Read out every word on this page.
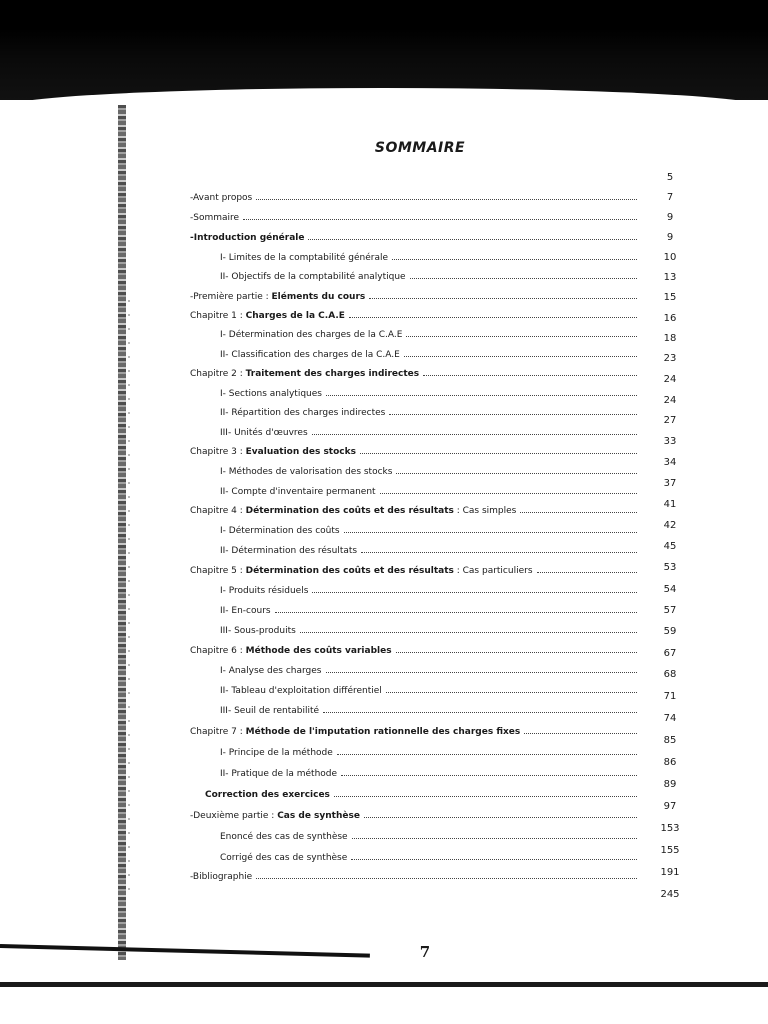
SOMMAIRE
-Avant propos
-Sommaire
-Introduction générale
I- Limites de la comptabilité générale
II- Objectifs de la comptabilité analytique
-Première partie : Eléments du cours
Chapitre 1 : Charges de la C.A.E
I- Détermination des charges de la C.A.E
II- Classification des charges de la C.A.E
Chapitre 2 : Traitement des charges indirectes
I- Sections analytiques
II- Répartition des charges indirectes
III- Unités d'œuvres
Chapitre 3 : Evaluation des stocks
I- Méthodes de valorisation des stocks
II- Compte d'inventaire permanent
Chapitre 4 : Détermination des coûts et des résultats : Cas simples
I- Détermination des coûts
II- Détermination des résultats
Chapitre 5 : Détermination des coûts et des résultats : Cas particuliers
I- Produits résiduels
II- En-cours
III- Sous-produits
Chapitre 6 : Méthode des coûts variables
I- Analyse des charges
II- Tableau d'exploitation différentiel
III- Seuil de rentabilité
Chapitre 7 : Méthode de l'imputation rationnelle des charges fixes
I- Principe de la méthode
II- Pratique de la méthode
Correction des exercices
-Deuxième partie : Cas de synthèse
Enoncé des cas de synthèse
Corrigé des cas de synthèse
-Bibliographie
5
7
9
9
10
13
15
16
18
23
24
24
27
33
34
37
41
42
45
53
54
57
59
67
68
71
74
85
86
89
97
153
155
191
245
7
